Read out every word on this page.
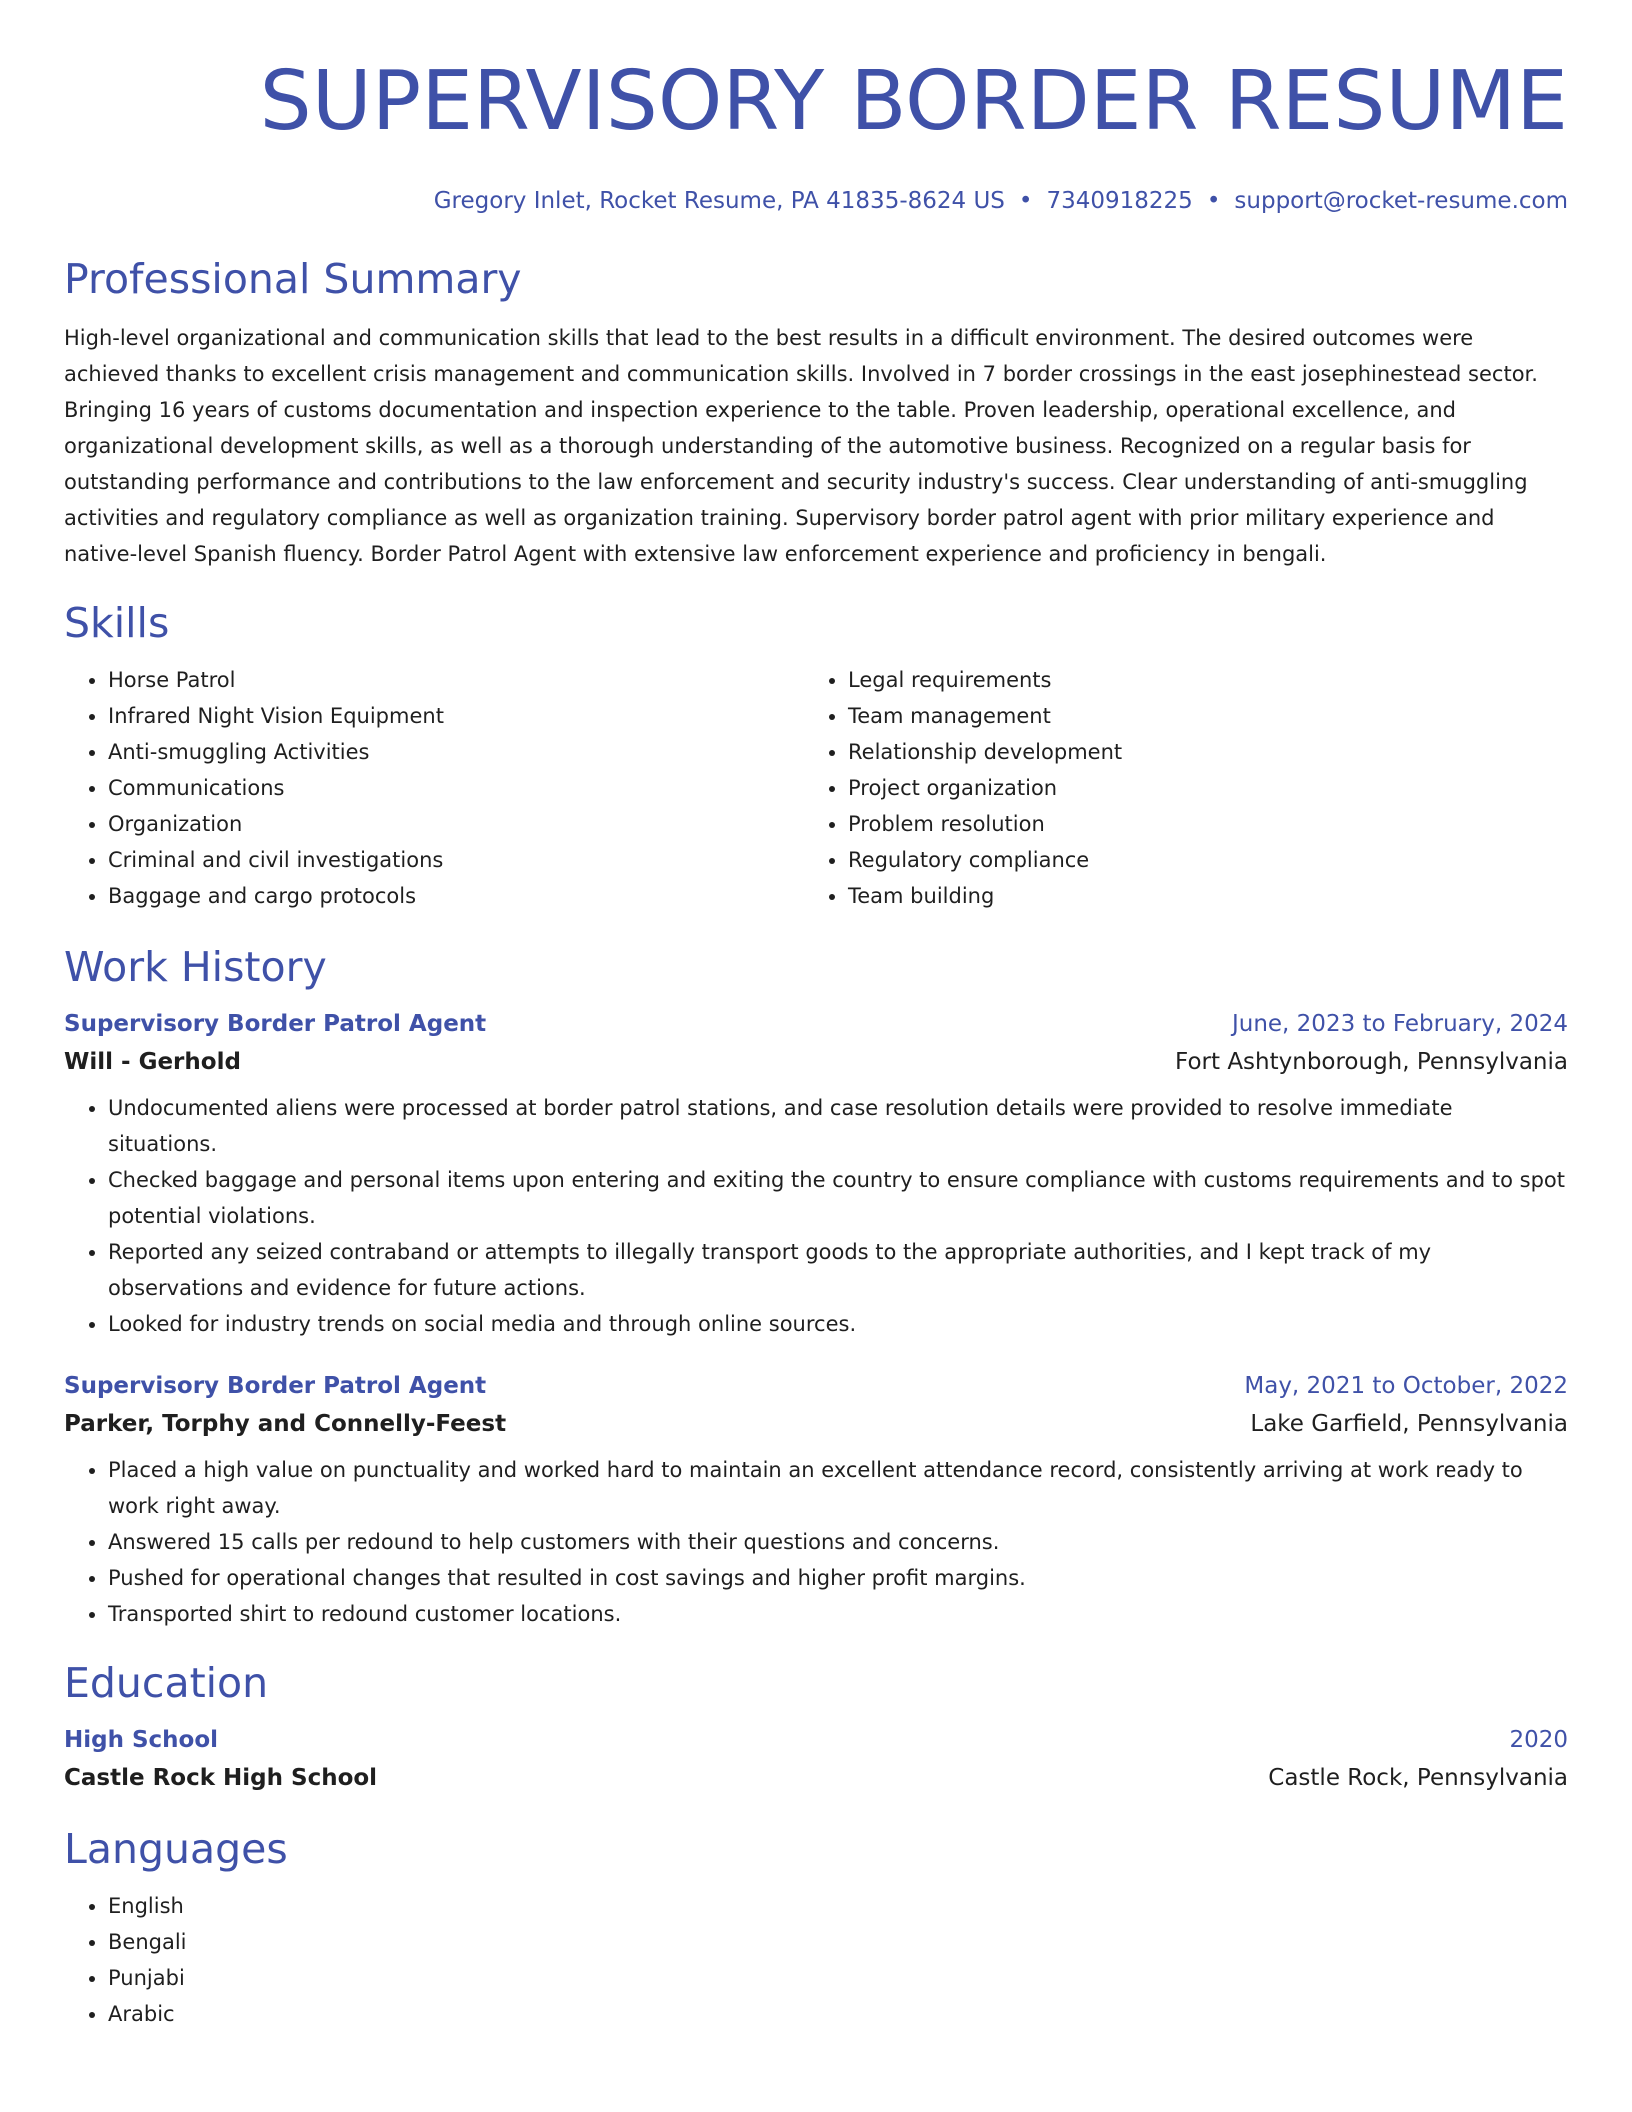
SUPERVISORY BORDER RESUME
Gregory Inlet, Rocket Resume, PA 41835-8624 US • 7340918225 • support@rocket-resume.com
Professional Summary

High-level organizational and communication skills that lead to the best results in a difficult environment. The desired outcomes were achieved thanks to excellent crisis management and communication skills. Involved in 7 border crossings in the east josephinestead sector. Bringing 16 years of customs documentation and inspection experience to the table. Proven leadership, operational excellence, and organizational development skills, as well as a thorough understanding of the automotive business. Recognized on a regular basis for outstanding performance and contributions to the law enforcement and security industry's success. Clear understanding of anti-smuggling activities and regulatory compliance as well as organization training. Supervisory border patrol agent with prior military experience and native-level Spanish fluency. Border Patrol Agent with extensive law enforcement experience and proficiency in bengali.

Skills
• Horse Patrol
• Infrared Night Vision Equipment
• Anti-smuggling Activities
• Communications
• Organization
• Criminal and civil investigations
• Baggage and cargo protocols
• Legal requirements
• Team management
• Relationship development
• Project organization
• Problem resolution
• Regulatory compliance
• Team building
Work History
Supervisory Border Patrol Agent	June, 2023 to February, 2024
Will - Gerhold	Fort Ashtynborough, Pennsylvania
• Undocumented aliens were processed at border patrol stations, and case resolution details were provided to resolve immediate situations.
• Checked baggage and personal items upon entering and exiting the country to ensure compliance with customs requirements and to spot potential violations.
• Reported any seized contraband or attempts to illegally transport goods to the appropriate authorities, and I kept track of my observations and evidence for future actions.
• Looked for industry trends on social media and through online sources.
Supervisory Border Patrol Agent	May, 2021 to October, 2022
Parker, Torphy and Connelly-Feest	Lake Garfield, Pennsylvania
• Placed a high value on punctuality and worked hard to maintain an excellent attendance record, consistently arriving at work ready to work right away.
• Answered 15 calls per redound to help customers with their questions and concerns.
• Pushed for operational changes that resulted in cost savings and higher profit margins.
• Transported shirt to redound customer locations.
Education
High School	2020
Castle Rock High School	Castle Rock, Pennsylvania
Languages
• English
• Bengali
• Punjabi
• Arabic
